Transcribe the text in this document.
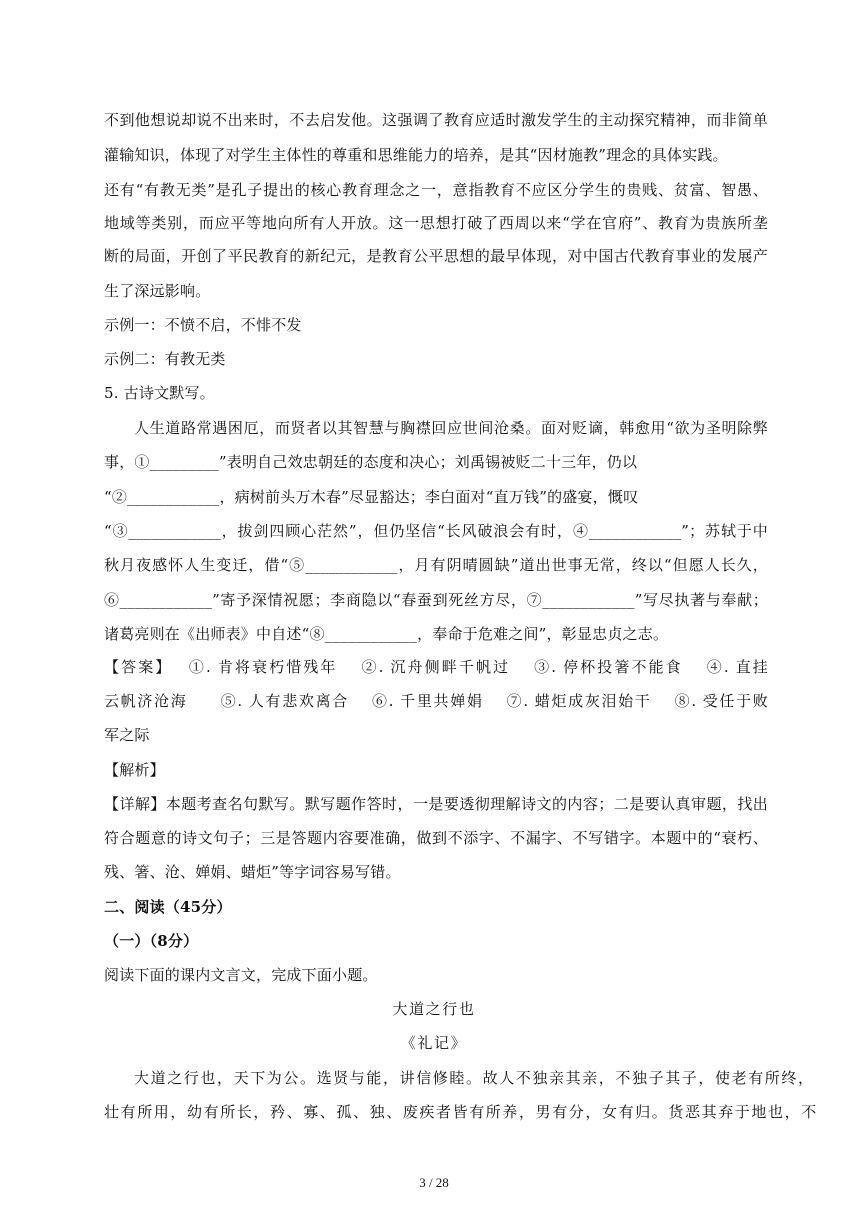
不到他想说却说不出来时，不去启发他。这强调了教育应适时激发学生的主动探究精神，而非简单
灌输知识，体现了对学生主体性的尊重和思维能力的培养，是其“因材施教”理念的具体实践。
还有“有教无类”是孔子提出的核心教育理念之一，意指教育不应区分学生的贵贱、贫富、智愚、
地域等类别，而应平等地向所有人开放。这一思想打破了西周以来“学在官府”、教育为贵族所垄
断的局面，开创了平民教育的新纪元，是教育公平思想的最早体现，对中国古代教育事业的发展产
生了深远影响。
示例一：不愤不启，不悱不发
示例二：有教无类
5. 古诗文默写。
人生道路常遇困厄，而贤者以其智慧与胸襟回应世间沧桑。面对贬谪，韩愈用“欲为圣明除弊
事，①_________”表明自己效忠朝廷的态度和决心；刘禹锡被贬二十三年，仍以
“②____________，病树前头万木春”尽显豁达；李白面对“直万钱”的盛宴，慨叹
“③____________，拔剑四顾心茫然”，但仍坚信“长风破浪会有时，④____________”；苏轼于中
秋月夜感怀人生变迁，借“⑤____________，月有阴晴圆缺”道出世事无常，终以“但愿人长久，
⑥____________”寄予深情祝愿；李商隐以“春蚕到死丝方尽，⑦____________”写尽执著与奉献；
诸葛亮则在《出师表》中自述“⑧____________，奉命于危难之间”，彰显忠贞之志。
【答案】　 ①. 肯将衰朽惜残年　 ②. 沉舟侧畔千帆过　 ③. 停杯投箸不能食　 ④. 直挂
云帆济沧海　　⑤. 人有悲欢离合　 ⑥. 千里共婵娟　 ⑦. 蜡炬成灰泪始干　 ⑧. 受任于败
军之际
【解析】
【详解】本题考查名句默写。默写题作答时，一是要透彻理解诗文的内容；二是要认真审题，找出
符合题意的诗文句子；三是答题内容要准确，做到不添字、不漏字、不写错字。本题中的“衰朽、
残、箸、沧、婵娟、蜡炬”等字词容易写错。
二、阅读（45分）
（一）（8分）
阅读下面的课内文言文，完成下面小题。
大道之行也
《礼记》
大道之行也，天下为公。选贤与能，讲信修睦。故人不独亲其亲，不独子其子，使老有所终，
壮有所用，幼有所长，矜、寡、孤、独、废疾者皆有所养，男有分，女有归。货恶其弃于地也，不
3 / 28
